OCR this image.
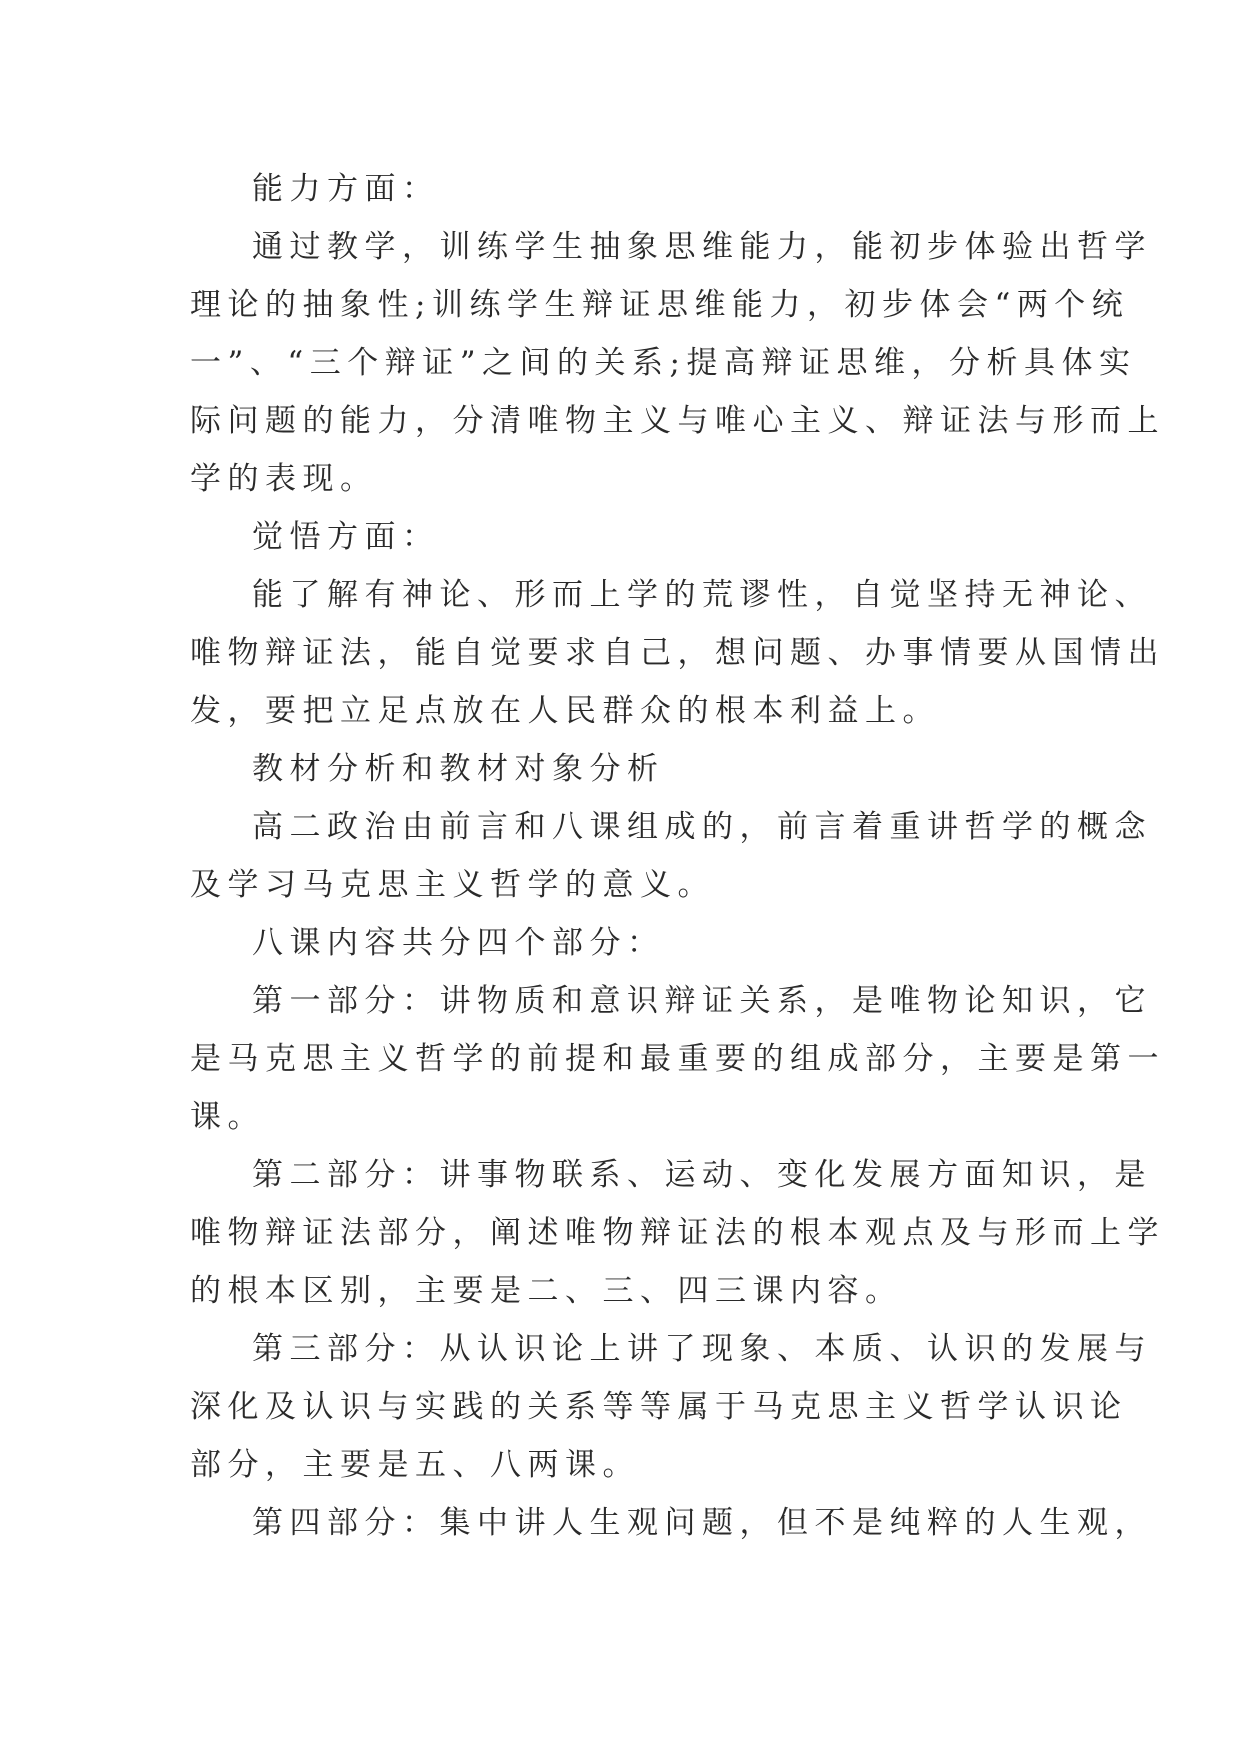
能力方面：
通过教学，训练学生抽象思维能力，能初步体验出哲学
理论的抽象性;训练学生辩证思维能力，初步体会“两个统
一”、“三个辩证”之间的关系;提高辩证思维，分析具体实
际问题的能力，分清唯物主义与唯心主义、辩证法与形而上
学的表现。
觉悟方面：
能了解有神论、形而上学的荒谬性，自觉坚持无神论、
唯物辩证法，能自觉要求自己，想问题、办事情要从国情出
发，要把立足点放在人民群众的根本利益上。
教材分析和教材对象分析
高二政治由前言和八课组成的，前言着重讲哲学的概念
及学习马克思主义哲学的意义。
八课内容共分四个部分：
第一部分：讲物质和意识辩证关系，是唯物论知识，它
是马克思主义哲学的前提和最重要的组成部分，主要是第一
课。
第二部分：讲事物联系、运动、变化发展方面知识，是
唯物辩证法部分，阐述唯物辩证法的根本观点及与形而上学
的根本区别，主要是二、三、四三课内容。
第三部分：从认识论上讲了现象、本质、认识的发展与
深化及认识与实践的关系等等属于马克思主义哲学认识论
部分，主要是五、八两课。
第四部分：集中讲人生观问题，但不是纯粹的人生观，
